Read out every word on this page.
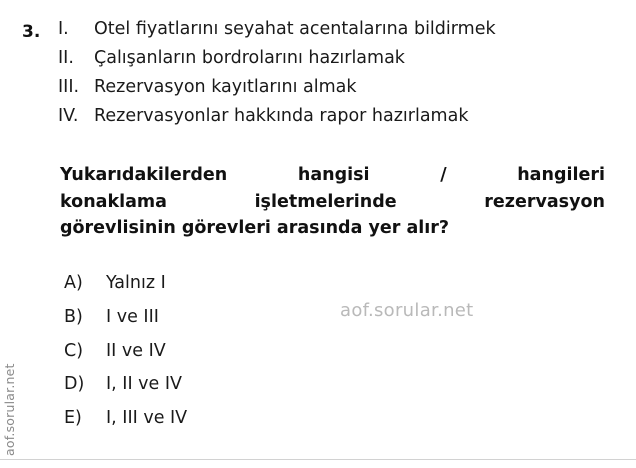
aof.sorular.net
3. I.	Otel fiyatlarını seyahat acentalarına bildirmek
II.	Çalışanların bordrolarını hazırlamak
III. Rezervasyon kayıtlarını almak
IV. Rezervasyonlar hakkında rapor hazırlamak
Yukarıdakilerden	hangisi	/	hangileri
konaklama	işletmelerinde	rezervasyon
görevlisinin görevleri arasında yer alır?
A)	Yalnız I
B)	I ve III
C)	II ve IV
D)	I, II ve IV
E)	I, III ve IV
aof.sorular.net
